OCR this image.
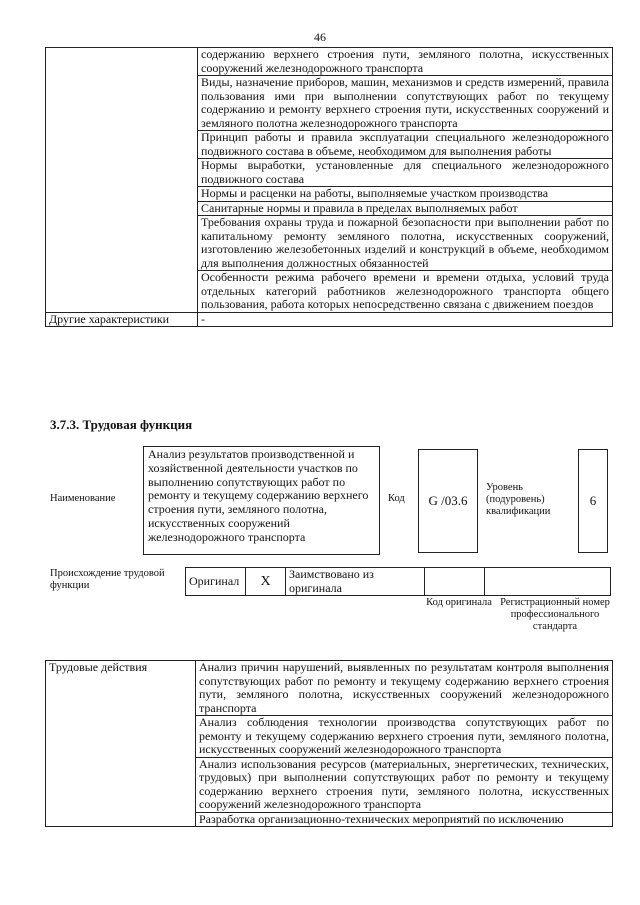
46
	содержанию верхнего строения пути, земляного полотна, искусственных сооружений железнодорожного транспорта
	Виды, назначение приборов, машин, механизмов и средств измерений, правила пользования ими при выполнении сопутствующих работ по текущему содержанию и ремонту верхнего строения пути, искусственных сооружений и земляного полотна железнодорожного транспорта
	Принцип работы и правила эксплуатации специального железнодорожного подвижного состава в объеме, необходимом для выполнения работы
	Нормы выработки, установленные для специального железнодорожного подвижного состава
	Нормы и расценки на работы, выполняемые участком производства
	Санитарные нормы и правила в пределах выполняемых работ
	Требования охраны труда и пожарной безопасности при выполнении работ по капитальному ремонту земляного полотна, искусственных сооружений, изготовлению железобетонных изделий и конструкций в объеме, необходимом для выполнения должностных обязанностей
	Особенности режима рабочего времени и времени отдыха, условий труда отдельных категорий работников железнодорожного транспорта общего пользования, работа которых непосредственно связана с движением поездов
Другие характеристики	-
3.7.3. Трудовая функция
Наименование
Анализ результатов производственной и хозяйственной деятельности участков по выполнению сопутствующих работ по ремонту и текущему содержанию верхнего строения пути, земляного полотна, искусственных сооружений железнодорожного транспорта
Код	G /03.6
Уровень (подуровень) квалификации
6
Происхождение трудовой функции	Оригинал	X	Заимствовано из оригинала		
Код оригинала Регистрационный номер профессионального стандарта
Трудовые действия	Анализ причин нарушений, выявленных по результатам контроля выполнения сопутствующих работ по ремонту и текущему содержанию верхнего строения пути, земляного полотна, искусственных сооружений железнодорожного транспорта
Анализ соблюдения технологии производства сопутствующих работ по ремонту и текущему содержанию верхнего строения пути, земляного полотна, искусственных сооружений железнодорожного транспорта
Анализ использования ресурсов (материальных, энергетических, технических, трудовых) при выполнении сопутствующих работ по ремонту и текущему содержанию верхнего строения пути, земляного полотна, искусственных сооружений железнодорожного транспорта
Разработка организационно-технических мероприятий по исключению
